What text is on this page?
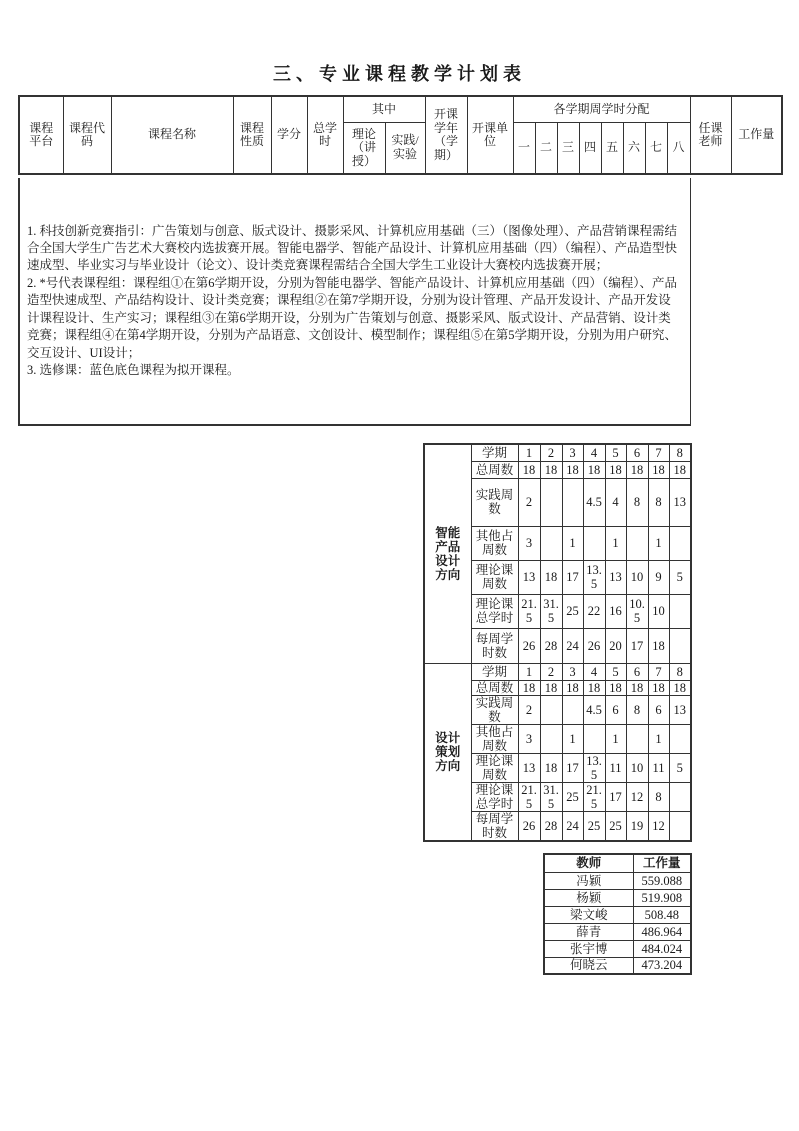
三、专业课程教学计划表
课程平台	课程代码	课程名称	课程性质	学分	总学时	其中		开课学年（学期）	开课单位	各学期周学时分配								任课老师	工作量
						理论（讲授）	实践/实验			一	二	三	四	五	六	七	八		
1. 科技创新竞赛指引：广告策划与创意、版式设计、摄影采风、计算机应用基础（三）（图像处理）、产品营销课程需结合全国大学生广告艺术大赛校内选拔赛开展。智能电器学、智能产品设计、计算机应用基础（四）（编程）、产品造型快速成型、毕业实习与毕业设计（论文）、设计类竞赛课程需结合全国大学生工业设计大赛校内选拔赛开展；
2. *号代表课程组：课程组①在第6学期开设，分别为智能电器学、智能产品设计、计算机应用基础（四）（编程）、产品造型快速成型、产品结构设计、设计类竞赛；课程组②在第7学期开设，分别为设计管理、产品开发设计、产品开发设计课程设计、生产实习；课程组③在第6学期开设，分别为广告策划与创意、摄影采风、版式设计、产品营销、设计类竞赛；课程组④在第4学期开设，分别为产品语意、文创设计、模型制作；课程组⑤在第5学期开设，分别为用户研究、交互设计、UI设计；
3. 选修课：蓝色底色课程为拟开课程。
智能产品设计方向	学期	1	2	3	4	5	6	7	8
	总周数	18	18	18	18	18	18	18	18
	实践周数	2			4.5	4	8	8	13
	其他占周数	3		1		1		1	
	理论课周数	13	18	17	13.5	13	10	9	5
	理论课总学时	21.5	31.5	25	22	16	10.5	10	
	每周学时数	26	28	24	26	20	17	18	
设计策划方向	学期	1	2	3	4	5	6	7	8
	总周数	18	18	18	18	18	18	18	18
	实践周数	2			4.5	6	8	6	13
	其他占周数	3		1		1		1	
	理论课周数	13	18	17	13.5	11	10	11	5
	理论课总学时	21.5	31.5	25	21.5	17	12	8	
	每周学时数	26	28	24	25	25	19	12	
教师	工作量
冯颖	559.088
杨颖	519.908
梁文峻	508.48
薛青	486.964
张宇博	484.024
何晓云	473.204
